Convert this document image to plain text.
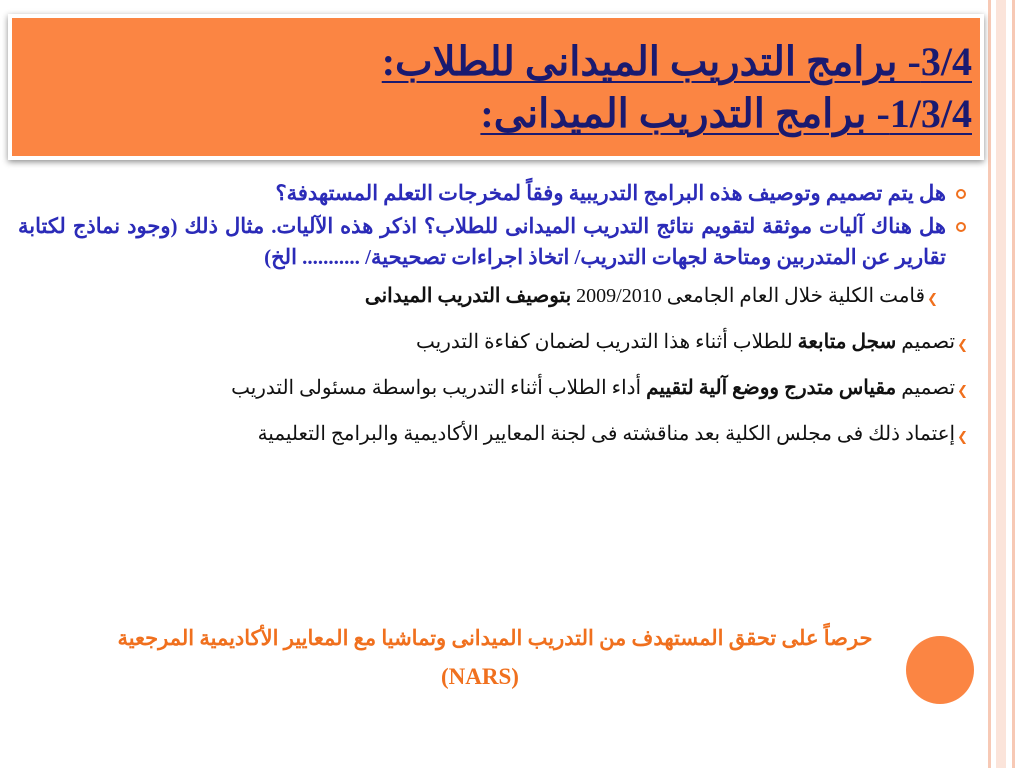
3/4- برامج التدريب الميدانى للطلاب:
1/3/4- برامج التدريب الميدانى:
هل يتم تصميم وتوصيف هذه البرامج التدريبية وفقاً لمخرجات التعلم المستهدفة؟
هل هناك آليات موثقة لتقويم نتائج التدريب الميدانى للطلاب؟ اذكر هذه الآليات. مثال ذلك (وجود نماذج لكتابة تقارير عن المتدربين ومتاحة لجهات التدريب/ اتخاذ اجراءات تصحيحية/ ........... الخ)
❯
قامت الكلية خلال العام الجامعى 2009/2010 بتوصيف التدريب الميدانى
❯
تصميم سجل متابعة للطلاب أثناء هذا التدريب لضمان كفاءة التدريب
❯
تصميم مقياس متدرج ووضع آلية لتقييم أداء الطلاب أثناء التدريب بواسطة مسئولى التدريب
❯
إعتماد ذلك فى مجلس الكلية بعد مناقشته فى لجنة المعايير الأكاديمية والبرامج التعليمية
حرصاً على تحقق المستهدف من التدريب الميدانى وتماشيا مع المعايير الأكاديمية المرجعية
(NARS)
